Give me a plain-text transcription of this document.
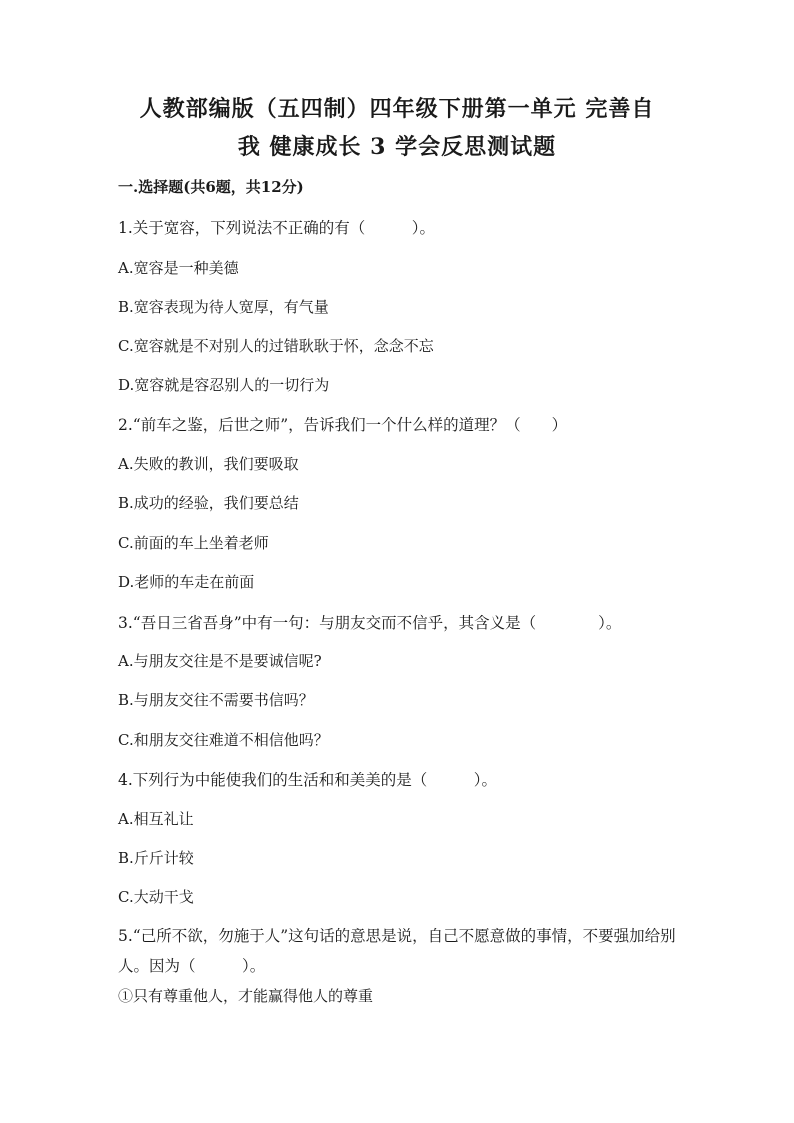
人教部编版（五四制）四年级下册第一单元 完善自
我 健康成长 3 学会反思测试题
一.选择题(共6题，共12分)
1.关于宽容，下列说法不正确的有（　　　）。
A.宽容是一种美德
B.宽容表现为待人宽厚，有气量
C.宽容就是不对别人的过错耿耿于怀，念念不忘
D.宽容就是容忍别人的一切行为
2.“前车之鉴，后世之师”，告诉我们一个什么样的道理？（　　）
A.失败的教训，我们要吸取
B.成功的经验，我们要总结
C.前面的车上坐着老师
D.老师的车走在前面
3.“吾日三省吾身”中有一句：与朋友交而不信乎，其含义是（　　　　）。
A.与朋友交往是不是要诚信呢?
B.与朋友交往不需要书信吗？
C.和朋友交往难道不相信他吗？
4.下列行为中能使我们的生活和和美美的是（　　　）。
A.相互礼让
B.斤斤计较
C.大动干戈
5.“己所不欲，勿施于人”这句话的意思是说，自己不愿意做的事情，不要强加给别人。因为（　　　）。
①只有尊重他人，才能赢得他人的尊重
